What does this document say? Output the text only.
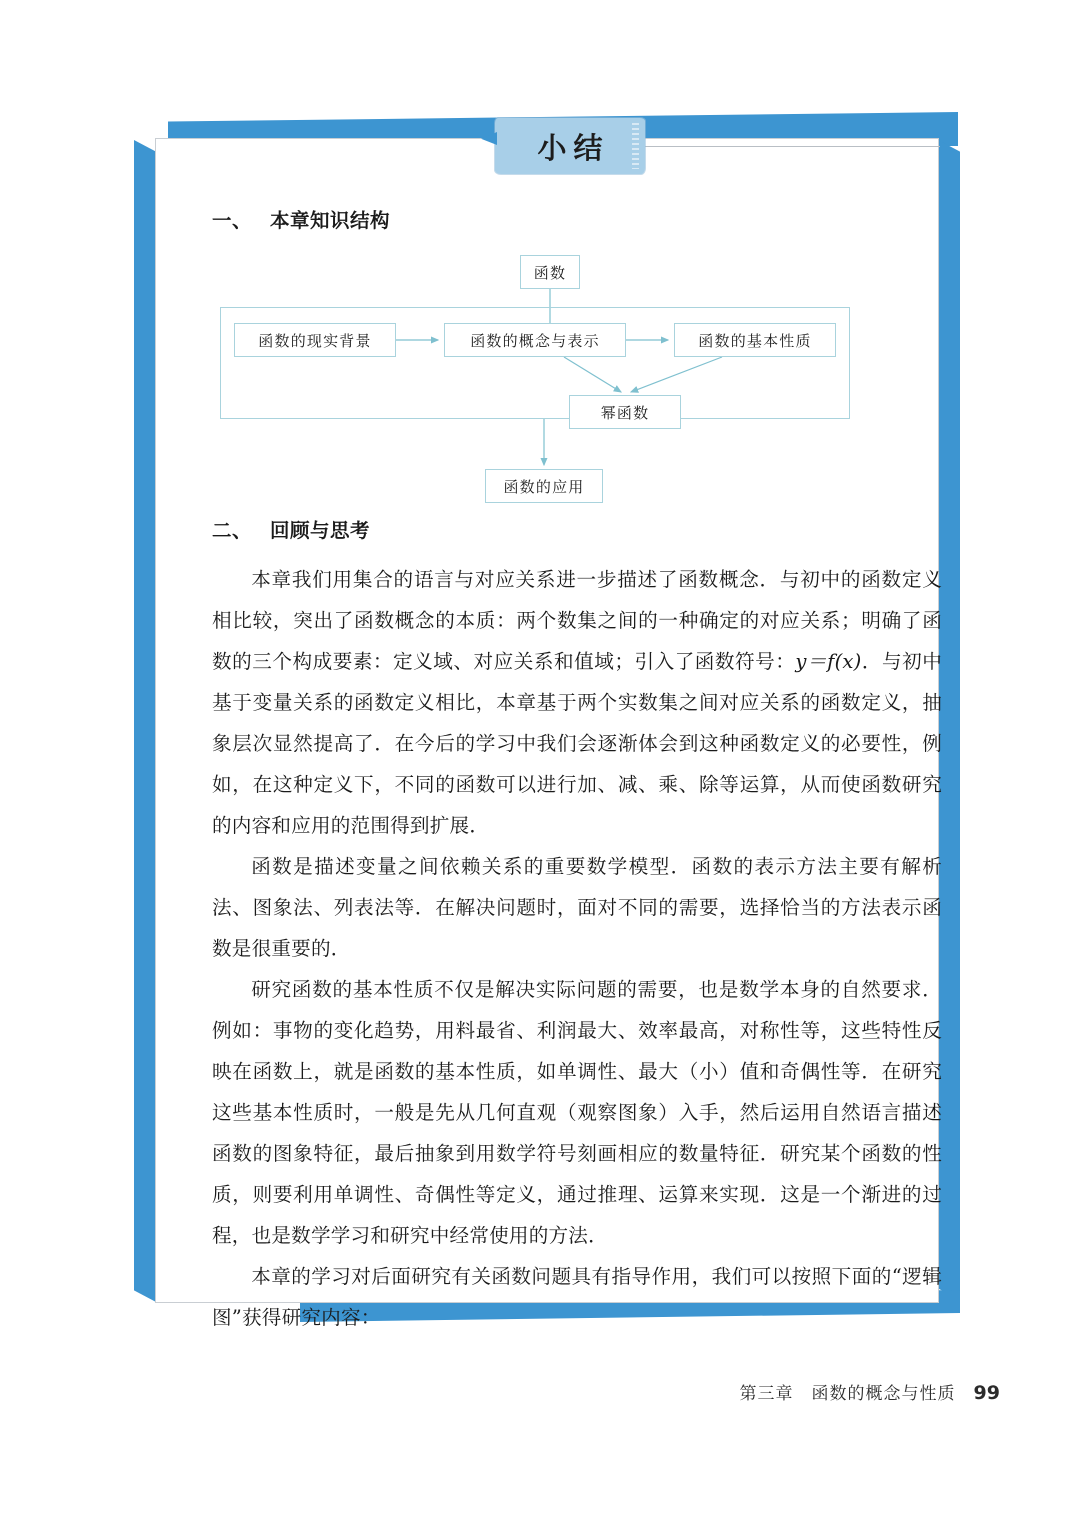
小结
一、 本章知识结构
函数
函数的现实背景	函数的概念与表示	函数的基本性质
幂函数
函数的应用
二、 回顾与思考

本章我们用集合的语言与对应关系进一步描述了函数概念．与初中的函数定义相比较，突出了函数概念的本质：两个数集之间的一种确定的对应关系；明确了函数的三个构成要素：定义域、对应关系和值域；引入了函数符号：y＝f(x)．与初中基于变量关系的函数定义相比，本章基于两个实数集之间对应关系的函数定义，抽象层次显然提高了．在今后的学习中我们会逐渐体会到这种函数定义的必要性，例如，在这种定义下，不同的函数可以进行加、减、乘、除等运算，从而使函数研究的内容和应用的范围得到扩展．

函数是描述变量之间依赖关系的重要数学模型．函数的表示方法主要有解析法、图象法、列表法等．在解决问题时，面对不同的需要，选择恰当的方法表示函数是很重要的．

研究函数的基本性质不仅是解决实际问题的需要，也是数学本身的自然要求．例如：事物的变化趋势，用料最省、利润最大、效率最高，对称性等，这些特性反映在函数上，就是函数的基本性质，如单调性、最大（小）值和奇偶性等．在研究这些基本性质时，一般是先从几何直观（观察图象）入手，然后运用自然语言描述函数的图象特征，最后抽象到用数学符号刻画相应的数量特征．研究某个函数的性质，则要利用单调性、奇偶性等定义，通过推理、运算来实现．这是一个渐进的过程，也是数学学习和研究中经常使用的方法．

本章的学习对后面研究有关函数问题具有指导作用，我们可以按照下面的“逻辑图”获得研究内容：

第三章　函数的概念与性质 99
